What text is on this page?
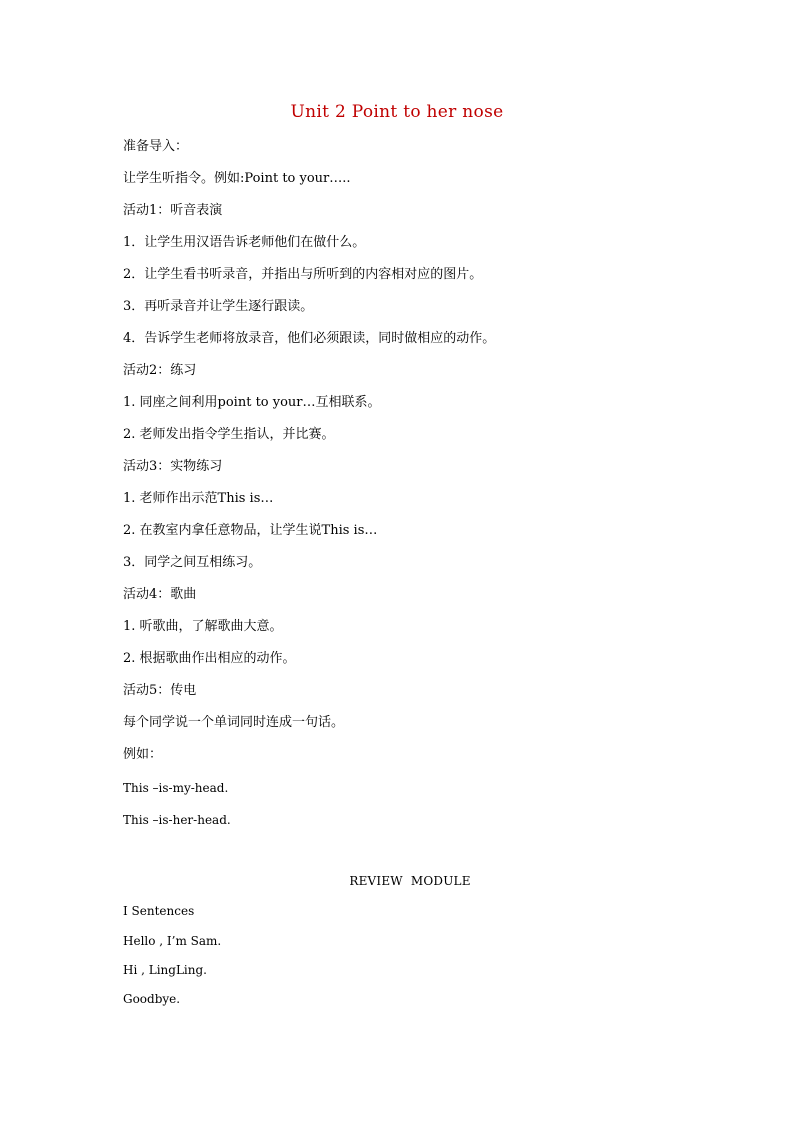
Unit 2 Point to her nose
准备导入：
让学生听指令。例如:Point to your…..
活动1：听音表演
1．让学生用汉语告诉老师他们在做什么。
2．让学生看书听录音，并指出与所听到的内容相对应的图片。
3．再听录音并让学生逐行跟读。
4．告诉学生老师将放录音，他们必须跟读，同时做相应的动作。
活动2：练习
1. 同座之间利用point to your…互相联系。
2. 老师发出指令学生指认，并比赛。
活动3：实物练习
1. 老师作出示范This is…
2. 在教室内拿任意物品，让学生说This is…
3．同学之间互相练习。
活动4：歌曲
1. 听歌曲，了解歌曲大意。
2. 根据歌曲作出相应的动作。
活动5：传电
每个同学说一个单词同时连成一句话。
例如：
This –is-my-head.
This –is-her-head.
REVIEW  MODULE
Ⅰ Sentences
Hello , I’m Sam.
Hi , LingLing.
Goodbye.
